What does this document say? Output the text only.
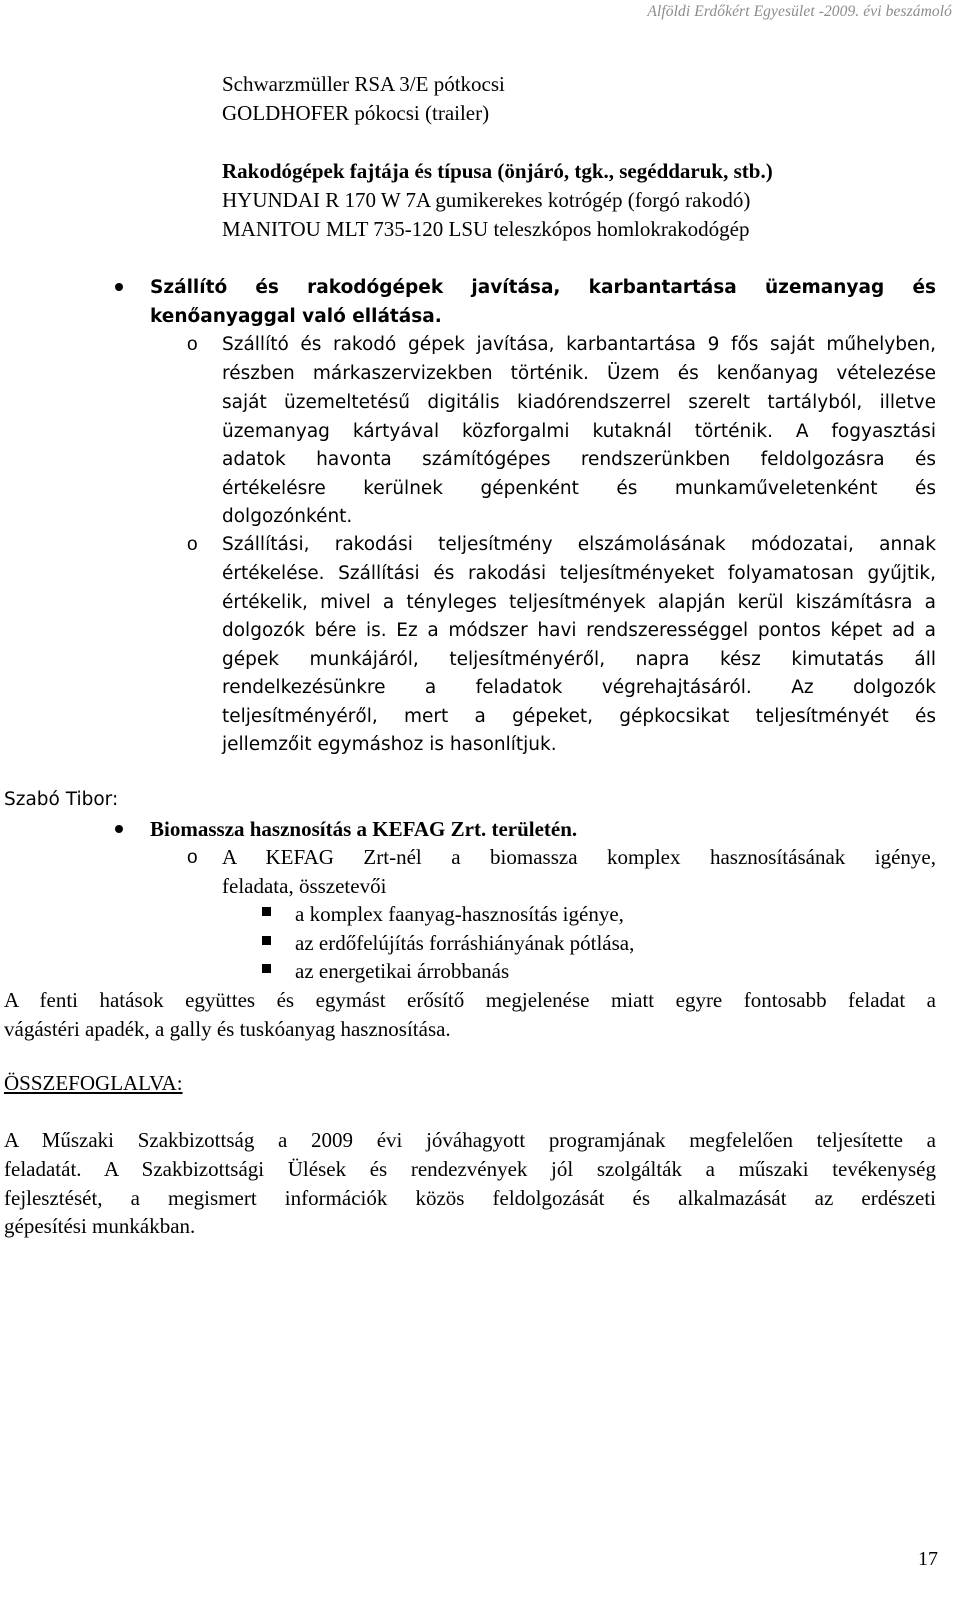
Alföldi Erdőkért Egyesület -2009. évi beszámoló
Schwarzmüller RSA 3/E pótkocsi
GOLDHOFER pókocsi (trailer)
Rakodógépek fajtája és típusa (önjáró, tgk., segéddaruk, stb.)
HYUNDAI R 170 W 7A gumikerekes kotrógép (forgó rakodó)
MANITOU MLT 735-120 LSU teleszkópos homlokrakodógép
Szállító és rakodógépek javítása, karbantartása üzemanyag és
kenőanyaggal való ellátása.
o Szállító és rakodó gépek javítása, karbantartása 9 fős saját műhelyben,
részben márkaszervizekben történik. Üzem és kenőanyag vételezése
saját üzemeltetésű digitális kiadórendszerrel szerelt tartályból, illetve
üzemanyag kártyával közforgalmi kutaknál történik. A fogyasztási
adatok havonta számítógépes rendszerünkben feldolgozásra és
értékelésre kerülnek gépenként és munkaműveletenként és
dolgozónként.
o Szállítási, rakodási teljesítmény elszámolásának módozatai, annak
értékelése. Szállítási és rakodási teljesítményeket folyamatosan gyűjtik,
értékelik, mivel a tényleges teljesítmények alapján kerül kiszámításra a
dolgozók bére is. Ez a módszer havi rendszerességgel pontos képet ad a
gépek munkájáról, teljesítményéről, napra kész kimutatás áll
rendelkezésünkre a feladatok végrehajtásáról. Az dolgozók
teljesítményéről, mert a gépeket, gépkocsikat teljesítményét és
jellemzőit egymáshoz is hasonlítjuk.
Szabó Tibor:
Biomassza hasznosítás a KEFAG Zrt. területén.
o A KEFAG Zrt-nél a biomassza komplex hasznosításának igénye,
feladata, összetevői
a komplex faanyag-hasznosítás igénye,
az erdőfelújítás forráshiányának pótlása,
az energetikai árrobbanás
A fenti hatások együttes és egymást erősítő megjelenése miatt egyre fontosabb feladat a
vágástéri apadék, a gally és tuskóanyag hasznosítása.
ÖSSZEFOGLALVA:
A Műszaki Szakbizottság a 2009 évi jóváhagyott programjának megfelelően teljesítette a
feladatát. A Szakbizottsági Ülések és rendezvények jól szolgálták a műszaki tevékenység
fejlesztését, a megismert információk közös feldolgozását és alkalmazását az erdészeti
gépesítési munkákban.
17
